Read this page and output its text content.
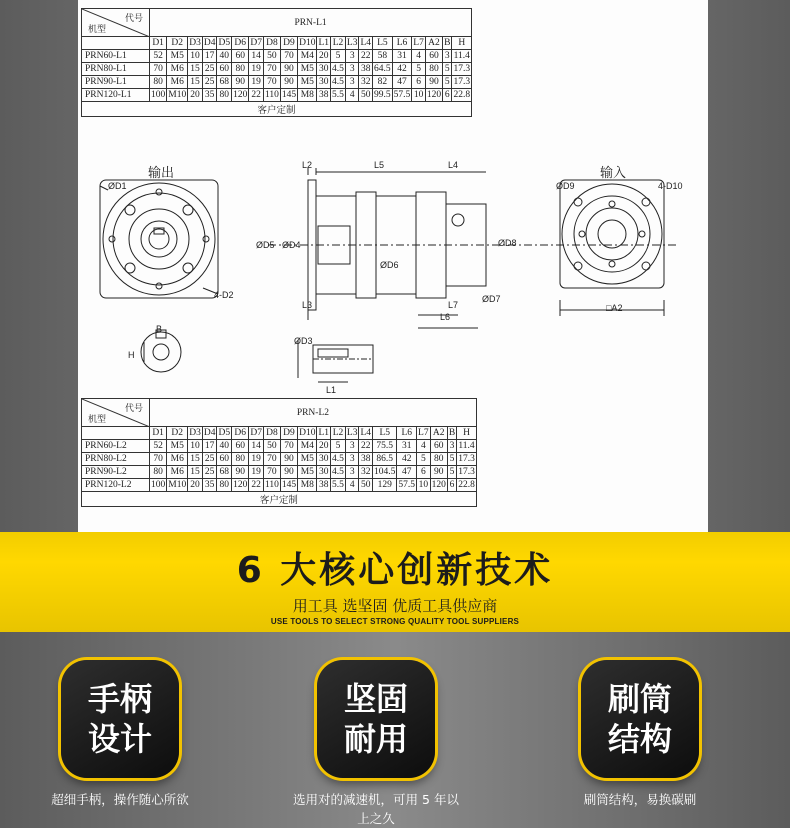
代号
机型	PRN-L1																			
	D1	D2	D3	D4	D5	D6	D7	D8	D9	D10	L1	L2	L3	L4	L5	L6	L7	A2	B	H
PRN60-L1	52	M5	10	17	40	60	14	50	70	M4	20	5	3	22	58	31	4	60	3	11.4
PRN80-L1	70	M6	15	25	60	80	19	70	90	M5	30	4.5	3	38	64.5	42	5	80	5	17.3
PRN90-L1	80	M6	15	25	68	90	19	70	90	M5	30	4.5	3	32	82	47	6	90	5	17.3
PRN120-L1	100	M10	20	35	80	120	22	110	145	M8	38	5.5	4	50	99.5	57.5	10	120	6	22.8
客户定制																				
输出	输入
ØD1
4-D2
ØD9	4-D10
L2	L5	L4
L3	L7
L6
L1
□A2
B
H
ØD5 ØD4
ØD6
ØD7
ØD8
ØD3
代号
机型	PRN-L2																			
	D1	D2	D3	D4	D5	D6	D7	D8	D9	D10	L1	L2	L3	L4	L5	L6	L7	A2	B	H
PRN60-L2	52	M5	10	17	40	60	14	50	70	M4	20	5	3	22	75.5	31	4	60	3	11.4
PRN80-L2	70	M6	15	25	60	80	19	70	90	M5	30	4.5	3	38	86.5	42	5	80	5	17.3
PRN90-L2	80	M6	15	25	68	90	19	70	90	M5	30	4.5	3	32	104.5	47	6	90	5	17.3
PRN120-L2	100	M10	20	35	80	120	22	110	145	M8	38	5.5	4	50	129	57.5	10	120	6	22.8
客户定制																				
6 大核心创新技术
用工具 选坚固 优质工具供应商
USE TOOLS TO SELECT STRONG QUALITY TOOL SUPPLIERS
手柄设计
超细手柄，操作随心所欲
坚固耐用
选用对的减速机，可用 5 年以上之久
刷筒结构
刷筒结构，易换碳刷
